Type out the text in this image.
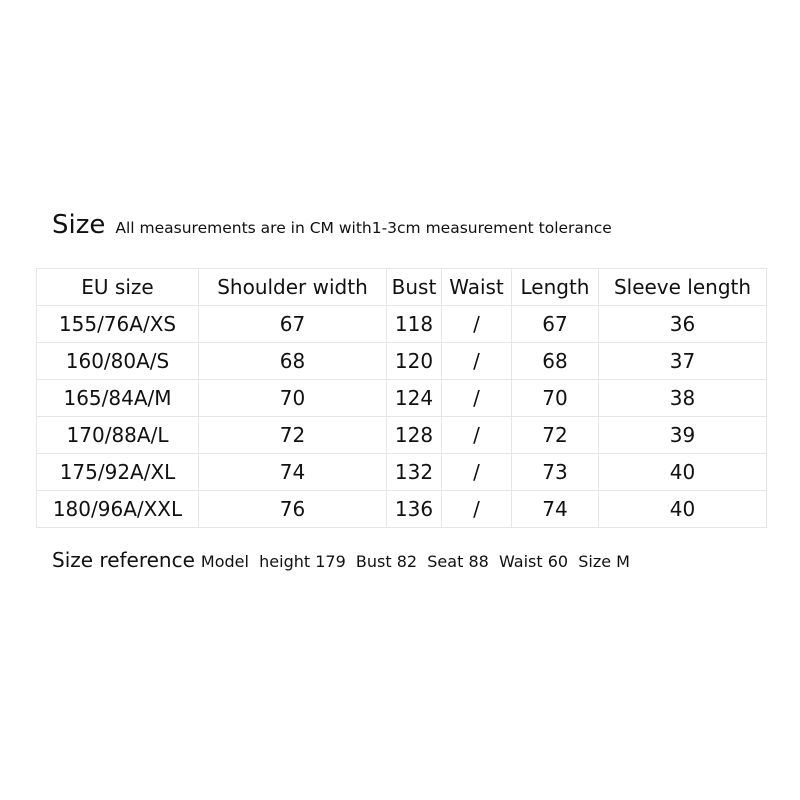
Size All measurements are in CM with1-3cm measurement tolerance
EU size	Shoulder width	Bust	Waist	Length	Sleeve length
155/76A/XS	67	118	/	67	36
160/80A/S	68	120	/	68	37
165/84A/M	70	124	/	70	38
170/88A/L	72	128	/	72	39
175/92A/XL	74	132	/	73	40
180/96A/XXL	76	136	/	74	40
Size reference Model  height 179  Bust 82  Seat 88  Waist 60  Size M
